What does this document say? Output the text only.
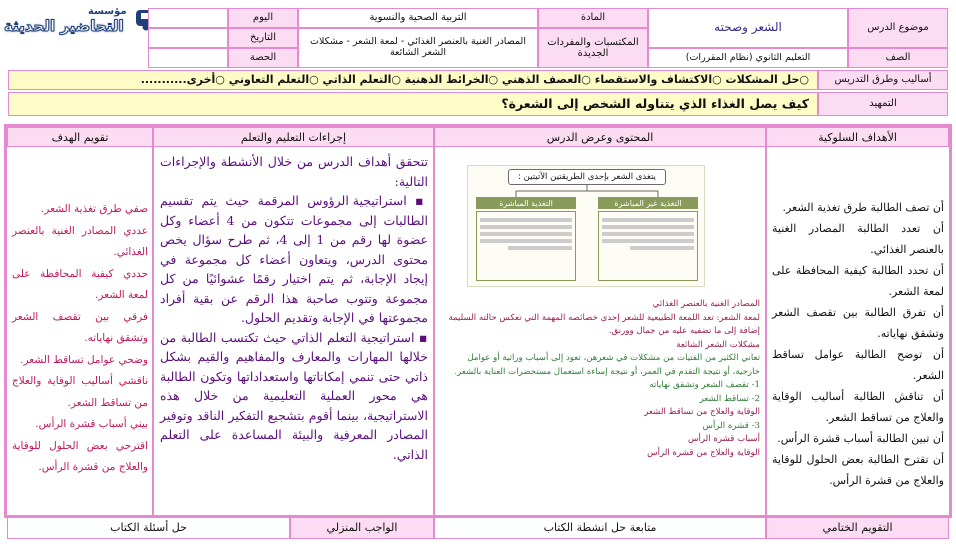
مؤسسة
التحاضير الحديثة	موضوع الدرس
الشعر وصحته
المادة
التربية الصحية والنسوية
اليوم
المكتسبات والمفردات الجديدة
المصادر الغنية بالعنصر الغذائي - لمعة الشعر - مشكلات الشعر الشائعة
التاريخ
الصف
التعليم الثانوي (نظام المقررات)
الحصة
أساليب وطرق التدريس
○حل المشكلات ○الاكتشاف والاستقصاء ○العصف الذهني ○الخرائط الذهنية ○التعلم الذاتي ○التعلم التعاوني ○أخرى...........
التمهيد
كيف يصل الغذاء الذي يتناوله الشخص إلى الشعرة؟
الأهداف السلوكية
المحتوى وعرض الدرس
إجراءات التعليم والتعلم
تقويم الهدف

أن تصف الطالبة طرق تغذية الشعر.

أن تعدد الطالبة المصادر الغنية بالعنصر الغذائي.

أن تحدد الطالبة كيفية المحافظة على لمعة الشعر.

أن تفرق الطالبة بين تقصف الشعر وتشقق نهاياته.

أن توضح الطالبة عوامل تساقط الشعر.

أن تناقش الطالبة أساليب الوقاية والعلاج من تساقط الشعر.

أن تبين الطالبة أسباب قشرة الرأس.

أن تقترح الطالبة بعض الحلول للوقاية والعلاج من قشرة الرأس.

يتغذى الشعر بإحدى الطريقتين الآتيتين :
التغذية المباشرة	التغذية غير المباشرة

المصادر الغنية بالعنصر الغذائي

لمعة الشعر: تعد اللمعة الطبيعية للشعر إحدى خصائصه المهمة التي تعكس حالته السليمة

إضافة إلى ما تضفيه عليه من جمال وورنق.

مشكلات الشعر الشائعة

تعاني الكثير من الفتيات من مشكلات في شعرهن، تعود إلى أسباب وراثية أو عوامل

خارجية، أو نتيجة التقدم في العمر، أو نتيجة إساءة استعمال مستحضرات العناية بالشعر.

1- تقصف الشعر وتشقق نهاياته

2- تساقط الشعر

الوقاية والعلاج من تساقط الشعر

3- قشرة الرأس

أسباب قشرة الرأس

الوقاية والعلاج من قشرة الرأس

تتحقق أهداف الدرس من خلال الأنشطة والإجراءات التالية:

▪ استراتيجية الرؤوس المرقمة حيث يتم تقسيم الطالبات إلى مجموعات تتكون من 4 أعضاء وكل عضوة لها رقم من 1 إلى 4، ثم طرح سؤال يخص محتوى الدرس، ويتعاون أعضاء كل مجموعة في إيجاد الإجابة، ثم يتم اختيار رقمًا عشوائيًا من كل مجموعة وتتوب صاحبة هذا الرقم عن بقية أفراد مجموعتها في الإجابة وتقديم الحلول.

▪ استراتيجية التعلم الذاتي حيث تكتسب الطالبة من خلالها المهارات والمعارف والمفاهيم والقيم بشكل ذاتي حتى تنمي إمكاناتها واستعداداتها وتكون الطالبة هي محور العملية التعليمية من خلال هذه الاستراتيجية، بينما أقوم بتشجيع التفكير الناقد وتوفير المصادر المعرفية والبيئة المساعدة على التعلم الذاتي.

صفي طرق تغذية الشعر.

عددي المصادر الغنية بالعنصر الغذائي.

حددي كيفية المحافظة على لمعة الشعر.

فرقي بين تقصف الشعر وتشقق نهاياته.

وضحي عوامل تساقط الشعر.

ناقشي أساليب الوقاية والعلاج من تساقط الشعر.

بيني أسباب قشرة الرأس.

اقترحي بعض الحلول للوقاية والعلاج من قشرة الرأس.

التقويم الختامي
متابعة حل انشطة الكتاب
الواجب المنزلي
حل أسئلة الكتاب
